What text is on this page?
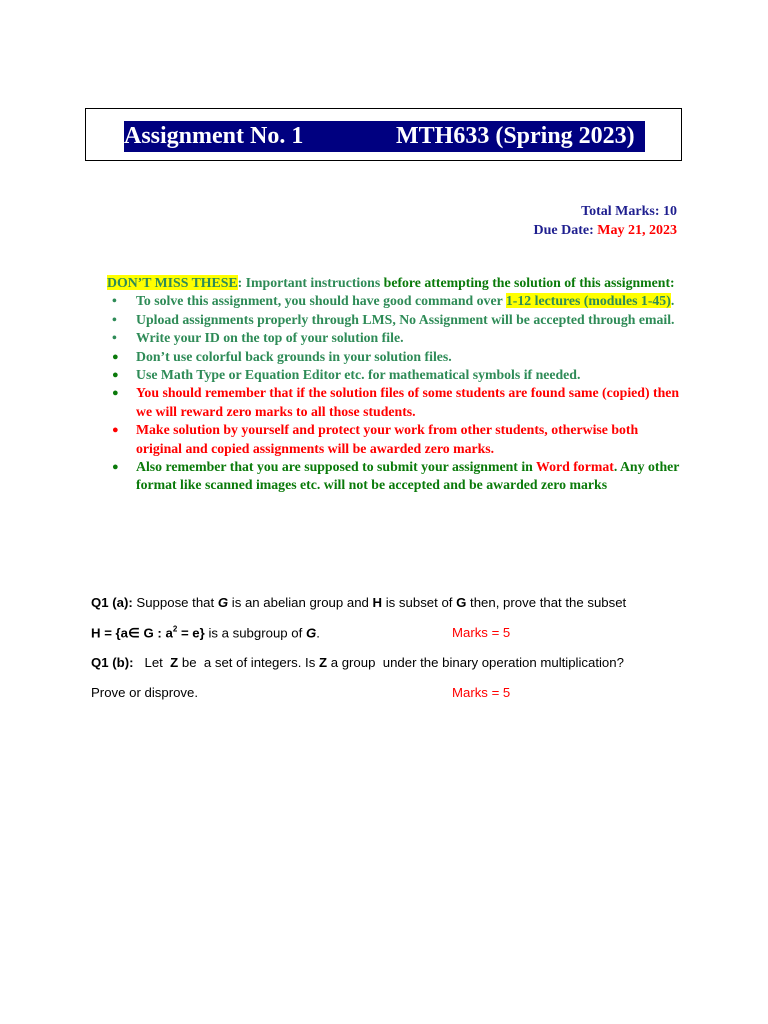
Assignment No. 1	MTH633 (Spring 2023)
Total Marks: 10
Due Date: May 21, 2023
DON’T MISS THESE: Important instructions before attempting the solution of this assignment:
• To solve this assignment, you should have good command over 1-12 lectures (modules 1-45).
• Upload assignments properly through LMS, No Assignment will be accepted through email.
• Write your ID on the top of your solution file.
● Don’t use colorful back grounds in your solution files.
● Use Math Type or Equation Editor etc. for mathematical symbols if needed.
● You should remember that if the solution files of some students are found same (copied) then we will reward zero marks to all those students.
● Make solution by yourself and protect your work from other students, otherwise both original and copied assignments will be awarded zero marks.
● Also remember that you are supposed to submit your assignment in Word format. Any other format like scanned images etc. will not be accepted and be awarded zero marks
Q1 (a): Suppose that G is an abelian group and H is subset of G then, prove that the subset
H = {a∈ G : $a^2 = e$} is a subgroup of G.	Marks = 5
Q1 (b):   Let  Z be  a set of integers. Is Z a group  under the binary operation multiplication?
Prove or disprove.	Marks = 5
